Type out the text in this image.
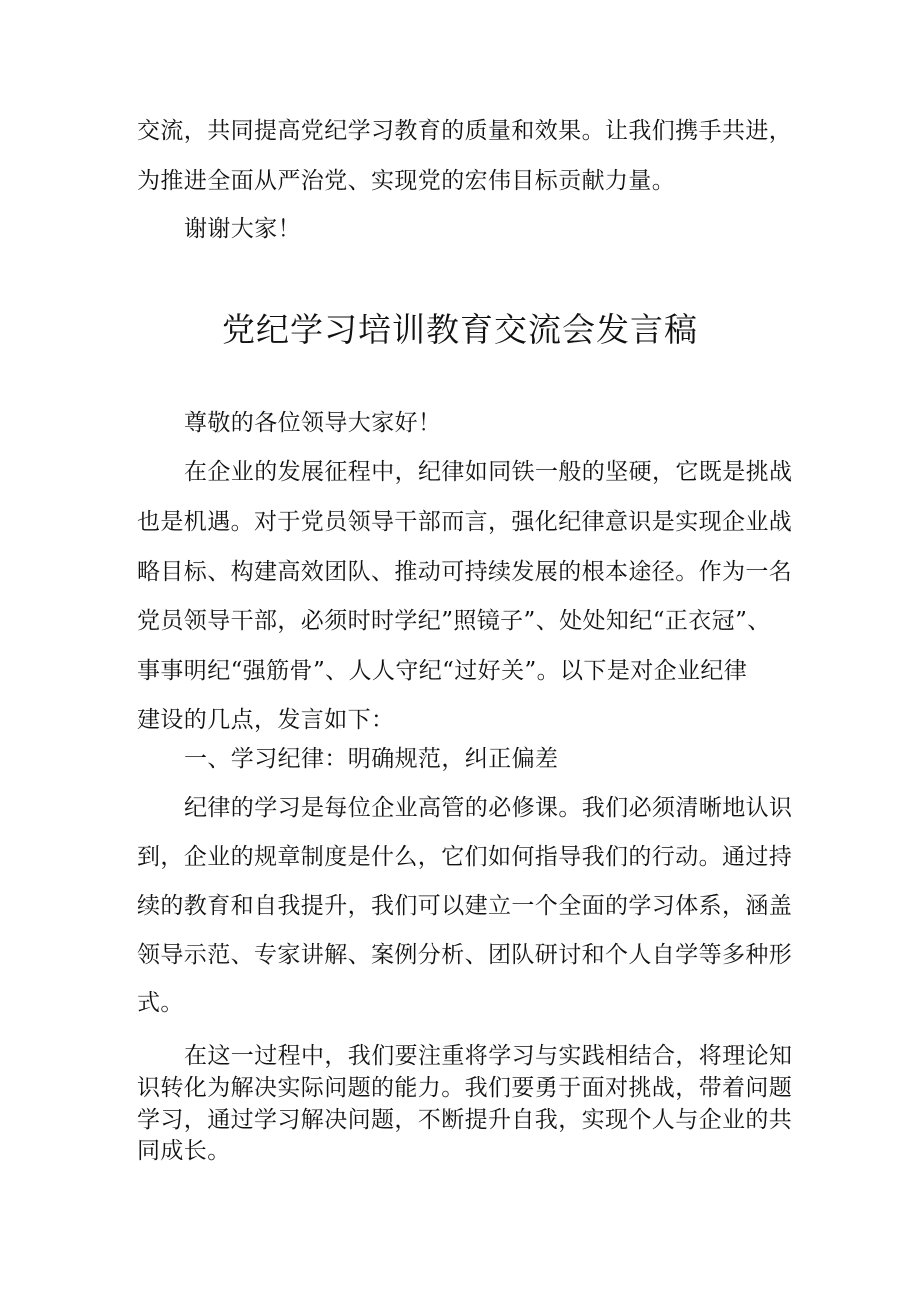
交流，共同提高党纪学习教育的质量和效果。让我们携手共进，
为推进全面从严治党、实现党的宏伟目标贡献力量。
谢谢大家！
党纪学习培训教育交流会发言稿
尊敬的各位领导大家好！
在企业的发展征程中，纪律如同铁一般的坚硬，它既是挑战
也是机遇。对于党员领导干部而言，强化纪律意识是实现企业战
略目标、构建高效团队、推动可持续发展的根本途径。作为一名
党员领导干部，必须时时学纪”照镜子”、处处知纪“正衣冠”、
事事明纪“强筋骨”、人人守纪“过好关”。以下是对企业纪律
建设的几点，发言如下：
一、学习纪律：明确规范，纠正偏差
纪律的学习是每位企业高管的必修课。我们必须清晰地认识
到，企业的规章制度是什么，它们如何指导我们的行动。通过持
续的教育和自我提升，我们可以建立一个全面的学习体系，涵盖
领导示范、专家讲解、案例分析、团队研讨和个人自学等多种形
式。
在这一过程中，我们要注重将学习与实践相结合，将理论知
识转化为解决实际问题的能力。我们要勇于面对挑战，带着问题
学习，通过学习解决问题，不断提升自我，实现个人与企业的共
同成长。
